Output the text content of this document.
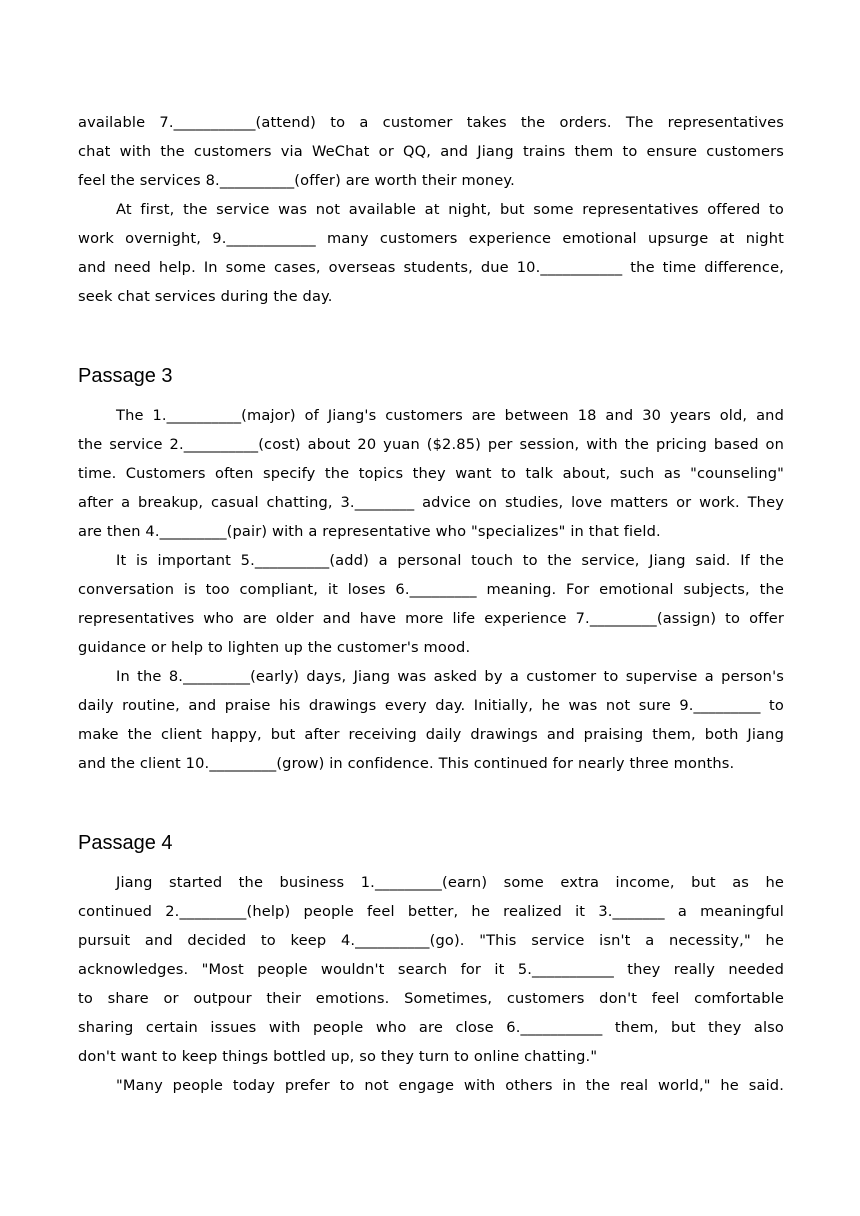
available 7.___________(attend) to a customer takes the orders. The representatives
chat with the customers via WeChat or QQ, and Jiang trains them to ensure customers
feel the services 8.__________(offer) are worth their money.
At first, the service was not available at night, but some representatives offered to
work overnight, 9.____________ many customers experience emotional upsurge at night
and need help. In some cases, overseas students, due 10.___________ the time difference,
seek chat services during the day.
Passage 3
The 1.__________(major) of Jiang's customers are between 18 and 30 years old, and
the service 2.__________(cost) about 20 yuan ($2.85) per session, with the pricing based on
time. Customers often specify the topics they want to talk about, such as "counseling"
after a breakup, casual chatting, 3.________ advice on studies, love matters or work. They
are then 4._________(pair) with a representative who "specializes" in that field.
It is important 5.__________(add) a personal touch to the service, Jiang said. If the
conversation is too compliant, it loses 6._________ meaning. For emotional subjects, the
representatives who are older and have more life experience 7._________(assign) to offer
guidance or help to lighten up the customer's mood.
In the 8._________(early) days, Jiang was asked by a customer to supervise a person's
daily routine, and praise his drawings every day. Initially, he was not sure 9._________ to
make the client happy, but after receiving daily drawings and praising them, both Jiang
and the client 10._________(grow) in confidence. This continued for nearly three months.
Passage 4
Jiang started the business 1._________(earn) some extra income, but as he
continued 2._________(help) people feel better, he realized it 3._______ a meaningful
pursuit and decided to keep 4.__________(go). "This service isn't a necessity," he
acknowledges. "Most people wouldn't search for it 5.___________ they really needed
to share or outpour their emotions. Sometimes, customers don't feel comfortable
sharing certain issues with people who are close 6.___________ them, but they also
don't want to keep things bottled up, so they turn to online chatting."
"Many people today prefer to not engage with others in the real world," he said.
